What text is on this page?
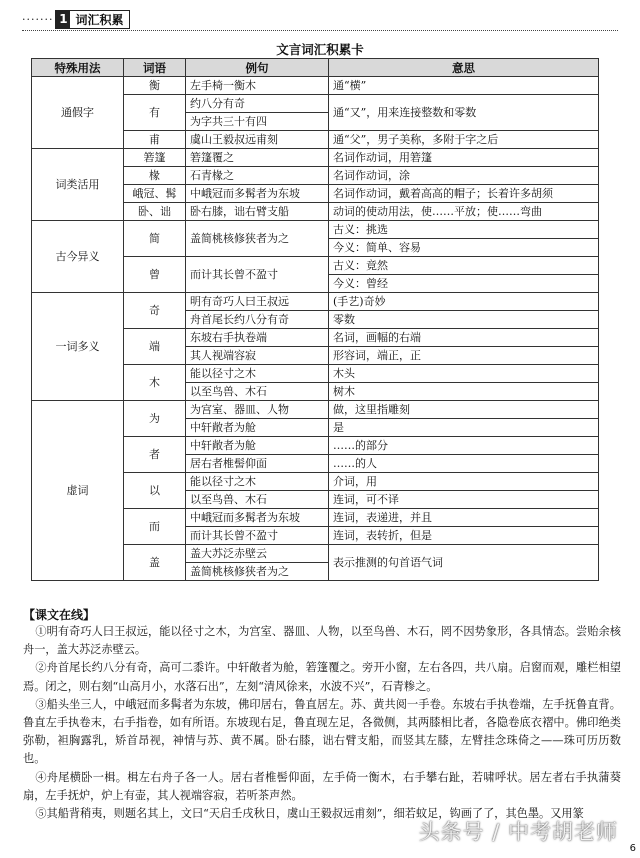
······· 1 词汇积累
文言词汇积累卡
特殊用法	词语	例句	意思
通假字	衡	左手椅一衡木	通“横”
	有	约八分有奇	通“又”，用来连接整数和零数
		为字共三十有四	
	甫	虞山王毅叔远甫刻	通“父”，男子美称，多附于字之后
词类活用	箬篷	箬篷覆之	名词作动词，用箬篷
	椽	石青椽之	名词作动词，涂
	峨冠、髯	中峨冠而多髯者为东坡	名词作动词，戴着高高的帽子；长着许多胡须
	卧、诎	卧右膝，诎右臂支船	动词的使动用法，使……平放；使……弯曲
古今异义	简	盖简桃核修狭者为之	古义：挑选
			今义：简单、容易
	曾	而计其长曾不盈寸	古义：竟然
			今义：曾经
一词多义	奇	明有奇巧人曰王叔远	(手艺)奇妙
		舟首尾长约八分有奇	零数
	端	东坡右手执卷端	名词，画幅的右端
		其人视端容寂	形容词，端正，正
	木	能以径寸之木	木头
		以至鸟兽、木石	树木
虚词	为	为宫室、器皿、人物	做，这里指雕刻
		中轩敞者为舱	是
	者	中轩敞者为舱	……的部分
		居右者椎髻仰面	……的人
	以	能以径寸之木	介词，用
		以至鸟兽、木石	连词，可不译
	而	中峨冠而多髯者为东坡	连词，表递进，并且
		而计其长曾不盈寸	连词，表转折，但是
	盖	盖大苏泛赤壁云	表示推测的句首语气词
		盖简桃核修狭者为之	
【课文在线】

①明有奇巧人曰王叔远，能以径寸之木，为宫室、器皿、人物，以至鸟兽、木石，罔不因势象形，各具情态。尝贻余核舟一，盖大苏泛赤壁云。

②舟首尾长约八分有奇，高可二黍许。中轩敞者为舱，箬篷覆之。旁开小窗，左右各四，共八扇。启窗而观，雕栏相望焉。闭之，则右刻“山高月小，水落石出”，左刻“清风徐来，水波不兴”，石青糁之。

③船头坐三人，中峨冠而多髯者为东坡，佛印居右，鲁直居左。苏、黄共阅一手卷。东坡右手执卷端，左手抚鲁直背。鲁直左手执卷末，右手指卷，如有所语。东坡现右足，鲁直现左足，各微侧，其两膝相比者，各隐卷底衣褶中。佛印绝类弥勒，袒胸露乳，矫首昂视，神情与苏、黄不属。卧右膝，诎右臂支船，而竖其左膝，左臂挂念珠倚之——珠可历历数也。

④舟尾横卧一楫。楫左右舟子各一人。居右者椎髻仰面，左手倚一衡木，右手攀右趾，若啸呼状。居左者右手执蒲葵扇，左手抚炉，炉上有壶，其人视端容寂，若听茶声然。

⑤其船背稍夷，则题名其上，文曰“天启壬戌秋日，虞山王毅叔远甫刻”，细若蚊足，钩画了了，其色墨。又用篆

头条号 / 中考胡老师
6
